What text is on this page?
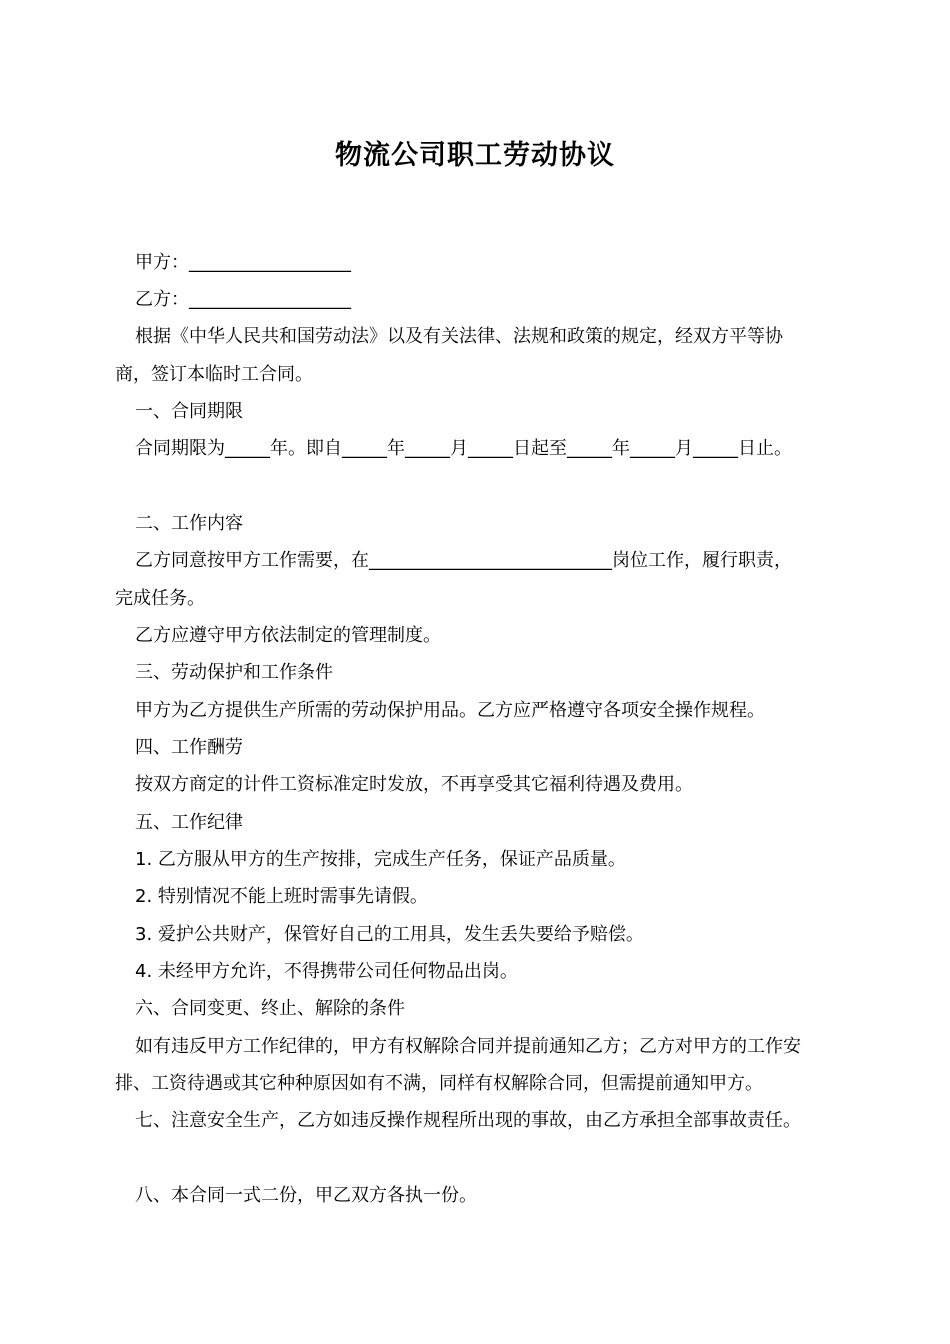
物流公司职工劳动协议
甲方：__________________
乙方：__________________
根据《中华人民共和国劳动法》以及有关法律、法规和政策的规定，经双方平等协
商，签订本临时工合同。
一、合同期限
合同期限为_____年。即自_____年_____月_____日起至_____年_____月_____日止。
二、工作内容
乙方同意按甲方工作需要，在___________________________岗位工作，履行职责，
完成任务。
乙方应遵守甲方依法制定的管理制度。
三、劳动保护和工作条件
甲方为乙方提供生产所需的劳动保护用品。乙方应严格遵守各项安全操作规程。
四、工作酬劳
按双方商定的计件工资标准定时发放，不再享受其它福利待遇及费用。
五、工作纪律
1. 乙方服从甲方的生产按排，完成生产任务，保证产品质量。
2. 特别情况不能上班时需事先请假。
3. 爱护公共财产，保管好自己的工用具，发生丢失要给予赔偿。
4. 未经甲方允许，不得携带公司任何物品出岗。
六、合同变更、终止、解除的条件
如有违反甲方工作纪律的，甲方有权解除合同并提前通知乙方；乙方对甲方的工作安
排、工资待遇或其它种种原因如有不满，同样有权解除合同，但需提前通知甲方。
七、注意安全生产，乙方如违反操作规程所出现的事故，由乙方承担全部事故责任。
八、本合同一式二份，甲乙双方各执一份。
